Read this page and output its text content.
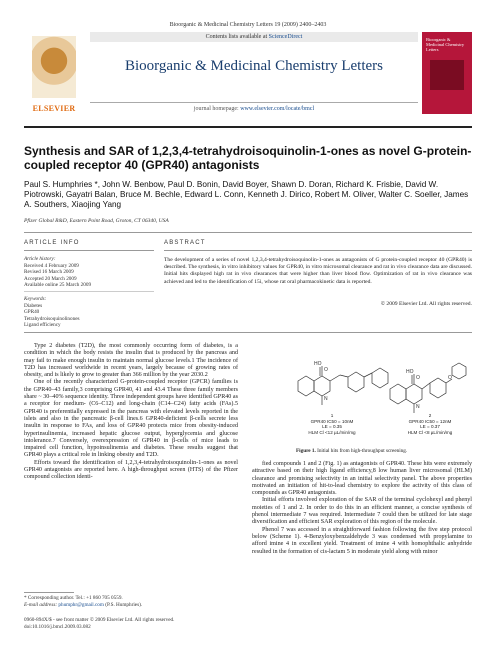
Bioorganic & Medicinal Chemistry Letters 19 (2009) 2400–2403
ELSEVIER
Contents lists available at ScienceDirect
Bioorganic & Medicinal Chemistry Letters
journal homepage: www.elsevier.com/locate/bmcl
Bioorganic & Medicinal Chemistry Letters
Synthesis and SAR of 1,2,3,4-tetrahydroisoquinolin-1-ones as novel G-protein-coupled receptor 40 (GPR40) antagonists
Paul S. Humphries *, John W. Benbow, Paul D. Bonin, David Boyer, Shawn D. Doran, Richard K. Frisbie, David W. Piotrowski, Gayatri Balan, Bruce M. Bechle, Edward L. Conn, Kenneth J. Dirico, Robert M. Oliver, Walter C. Soeller, James A. Southers, Xiaojing Yang
Pfizer Global R&D, Eastern Point Road, Groton, CT 06340, USA
ARTICLE INFO	ABSTRACT
Article history:
Received 4 February 2009
Revised 16 March 2009
Accepted 20 March 2009
Available online 25 March 2009
Keywords:
Diabetes
GPR40
Tetrahydroisoquinolinones
Ligand efficiency
The development of a series of novel 1,2,3,4-tetrahydroisoquinolin-1-ones as antagonists of G protein-coupled receptor 40 (GPR40) is described. The synthesis, in vitro inhibitory values for GPR40, in vitro microsomal clearance and rat in vivo clearance data are discussed. Initial hits displayed high rat in vivo clearances that were higher than liver blood flow. Optimization of rat in vivo clearance was achieved and led to the identification of 15i, whose rat oral pharmacokinetic data is reported.
© 2009 Elsevier Ltd. All rights reserved.

Type 2 diabetes (T2D), the most commonly occurring form of diabetes, is a condition in which the body resists the insulin that is produced by the pancreas and may fail to make enough insulin to maintain normal glucose levels.1 The incidence of T2D has increased worldwide in recent years, largely because of growing rates of obesity, and is likely to grow to greater than 366 million by the year 2030.2

One of the recently characterized G-protein-coupled receptor (GPCR) families is the GPR40–43 family,3 comprising GPR40, 41 and 43.4 These three family members share ~ 30–40% sequence identity. Three independent groups have identified GPR40 as a receptor for medium- (C6–C12) and long-chain (C14–C24) fatty acids (FAs).5 GPR40 is preferentially expressed in the pancreas with elevated levels reported in the islets and also in the pancreatic β-cell lines.6 GPR40-deficient β-cells secrete less insulin in response to FAs, and loss of GPR40 protects mice from obesity-induced hyperinsulinemia, increased hepatic glucose output, hyperglycemia and glucose intolerance.7 Conversely, overexpression of GPR40 in β-cells of mice leads to impaired cell function, hypoinsulinemia and diabetes. These results suggest that GPR40 plays a critical role in linking obesity and T2D.

Efforts toward the identification of 1,2,3,4-tetrahydroisoquinolin-1-ones as novel GPR40 antagonists are reported here. A high-throughput screen (HTS) of the Pfizer compound collection identi-

HO
O
N
HO
O
N
O
1
GPR40 IC50 = 10nM
LE = 0.35
HLM Cl <12 µL/min/mg
2
GPR40 IC50 = 12nM
LE = 0.37
HLM Cl <8 µL/min/mg
Figure 1. Initial hits from high-throughput screening.

fied compounds 1 and 2 (Fig. 1) as antagonists of GPR40. These hits were extremely attractive based on their high ligand efficiency,8 low human liver microsomal (HLM) clearance and promising selectivity in an initial selectivity panel. The above properties motivated an initiation of hit-to-lead chemistry to explore the activity of this class of compounds as GPR40 antagonists.

Initial efforts involved exploration of the SAR of the terminal cyclohexyl and phenyl moieties of 1 and 2. In order to do this in an efficient manner, a concise synthesis of phenol intermediate 7 was required. Intermediate 7 could then be utilized for late stage diversification and efficient SAR exploration of this region of the molecule.

Phenol 7 was accessed in a straightforward fashion following the five step protocol below (Scheme 1). 4-Benzyloxybenzaldehyde 3 was condensed with propylamine to afford imine 4 in excellent yield. Treatment of imine 4 with homophthalic anhydride resulted in the formation of cis-lactam 5 in moderate yield along with minor

* Corresponding author. Tel.: +1 860 705 0559.
E-mail address: phumphr@gmail.com (P.S. Humphries).
0960-894X/$ - see front matter © 2009 Elsevier Ltd. All rights reserved.
doi:10.1016/j.bmcl.2009.03.082
